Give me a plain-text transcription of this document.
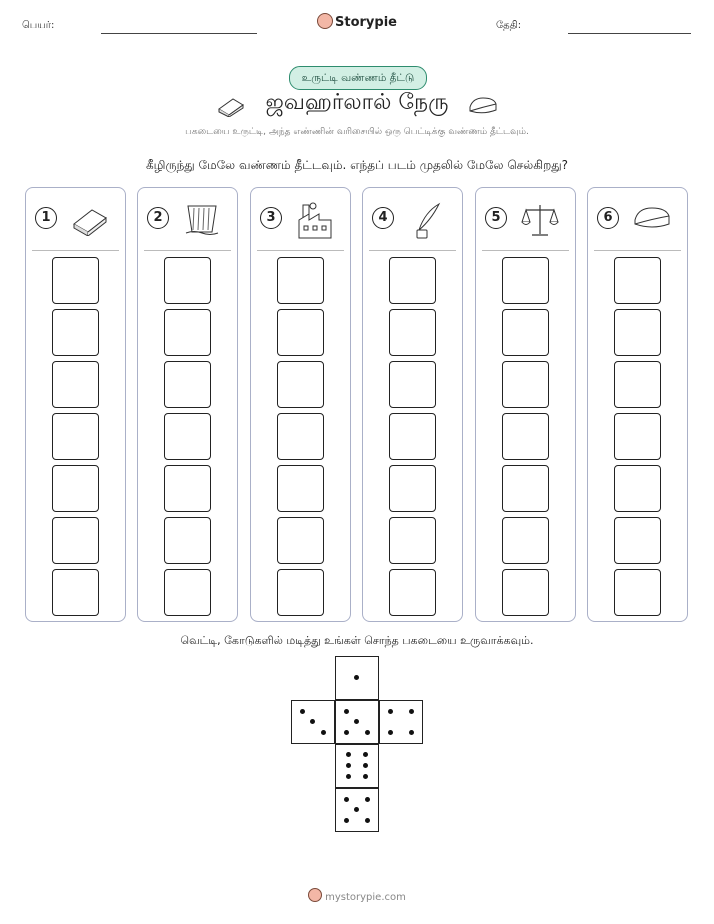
பெயர்:	Storypie	தேதி:
உருட்டி வண்ணம் தீட்டு
ஜவஹர்லால் நேரு
பகடையை உருட்டி, அந்த எண்ணின் வரிசையில் ஒரு பெட்டிக்கு வண்ணம் தீட்டவும்.
கீழிருந்து மேலே வண்ணம் தீட்டவும். எந்தப் படம் முதலில் மேலே செல்கிறது?
1	2	3	4	5	6
வெட்டி, கோடுகளில் மடித்து உங்கள் சொந்த பகடையை உருவாக்கவும்.
mystorypie.com
